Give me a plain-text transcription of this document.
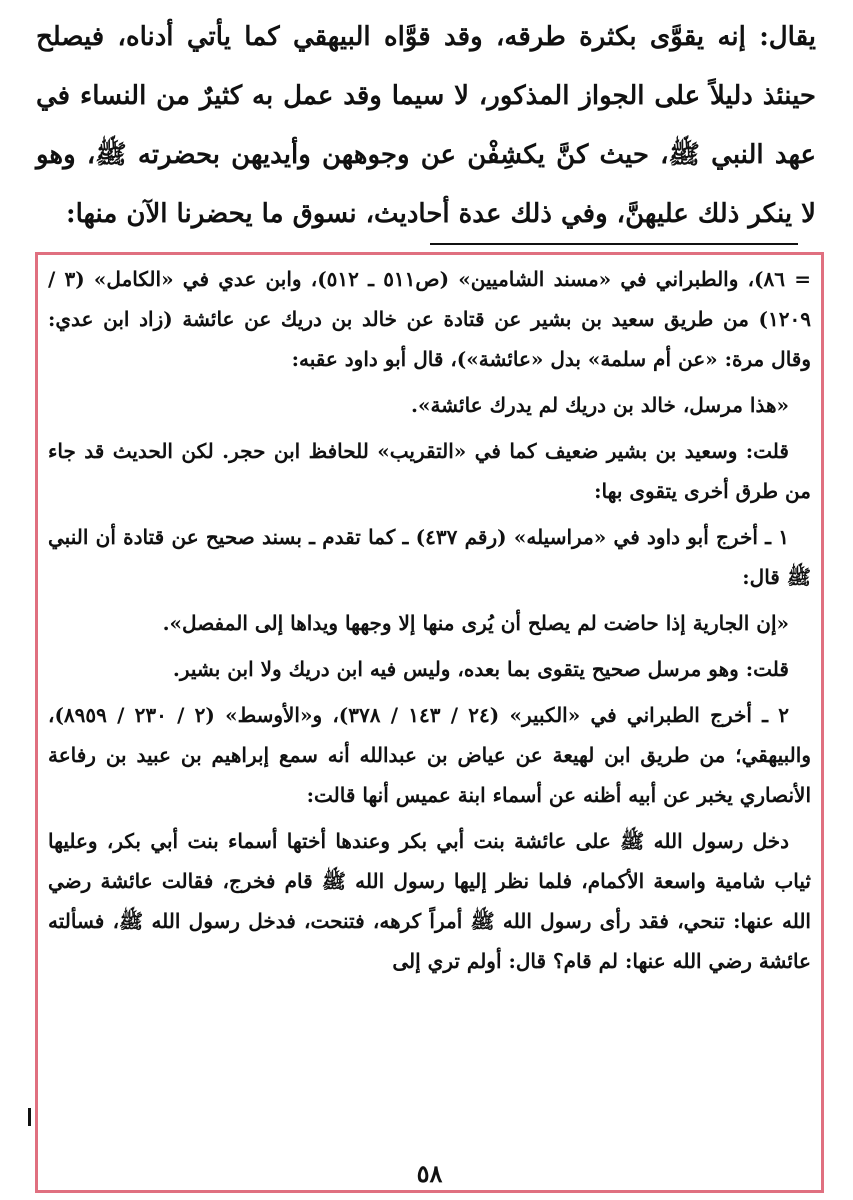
يقال: إنه يقوَّى بكثرة طرقه، وقد قوَّاه البيهقي كما يأتي أدناه، فيصلح حينئذ دليلاً على الجواز المذكور، لا سيما وقد عمل به كثيرٌ من النساء في عهد النبي ﷺ، حيث كنَّ يكشِفْن عن وجوههن وأيديهن بحضرته ﷺ، وهو لا ينكر ذلك عليهنَّ، وفي ذلك عدة أحاديث، نسوق ما يحضرنا الآن منها:

= ٨٦)، والطبراني في «مسند الشاميين» (ص٥١١ ـ ٥١٢)، وابن عدي في «الكامل» (٣ / ١٢٠٩) من طريق سعيد بن بشير عن قتادة عن خالد بن دريك عن عائشة (زاد ابن عدي: وقال مرة: «عن أم سلمة» بدل «عائشة»)، قال أبو داود عقبه:

«هذا مرسل، خالد بن دريك لم يدرك عائشة».

قلت: وسعيد بن بشير ضعيف كما في «التقريب» للحافظ ابن حجر. لكن الحديث قد جاء من طرق أخرى يتقوى بها:

١ ـ أخرج أبو داود في «مراسيله» (رقم ٤٣٧) ـ كما تقدم ـ بسند صحيح عن قتادة أن النبي ﷺ قال:

«إن الجارية إذا حاضت لم يصلح أن يُرى منها إلا وجهها ويداها إلى المفصل».

قلت: وهو مرسل صحيح يتقوى بما بعده، وليس فيه ابن دريك ولا ابن بشير.

٢ ـ أخرج الطبراني في «الكبير» (٢٤ / ١٤٣ / ٣٧٨)، و«الأوسط» (٢ / ٢٣٠ / ٨٩٥٩)، والبيهقي؛ من طريق ابن لهيعة عن عياض بن عبدالله أنه سمع إبراهيم بن عبيد بن رفاعة الأنصاري يخبر عن أبيه أظنه عن أسماء ابنة عميس أنها قالت:

دخل رسول الله ﷺ على عائشة بنت أبي بكر وعندها أختها أسماء بنت أبي بكر، وعليها ثياب شامية واسعة الأكمام، فلما نظر إليها رسول الله ﷺ قام فخرج، فقالت عائشة رضي الله عنها: تنحي، فقد رأى رسول الله ﷺ أمراً كرهه، فتنحت، فدخل رسول الله ﷺ، فسألته عائشة رضي الله عنها: لم قام؟ قال: أولم تري إلى

٥٨
